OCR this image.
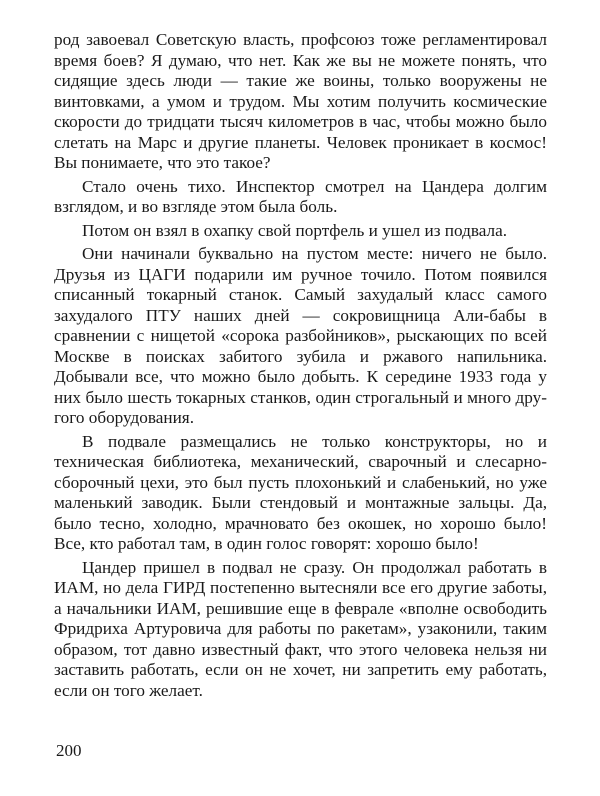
род завоевал Советскую власть, профсоюз тоже регламентировал время боев? Я думаю, что нет. Как же вы не можете понять, что сидящие здесь люди — такие же воины, только вооружены не винтовками, а умом и трудом. Мы хотим получить космические скорости до тридцати тысяч километров в час, чтобы можно было слетать на Марс и другие планеты. Человек проникает в космос! Вы понимаете, что это такое?

Стало очень тихо. Инспектор смотрел на Цандера долгим взглядом, и во взгляде этом была боль.

Потом он взял в охапку свой портфель и ушел из подвала.

Они начинали буквально на пустом месте: ничего не было. Друзья из ЦАГИ подарили им ручное точило. Потом появился списанный токарный станок. Самый захудалый класс самого захудалого ПТУ наших дней — сокровищница Али-бабы в сравнении с нищетой «сорока разбойников», рыскающих по всей Москве в поисках забитого зубила и ржавого напильника. Добывали все, что можно было добыть. К середине 1933 года у них было шесть токарных станков, один строгальный и много другого оборудования.

В подвале размещались не только конструкторы, но и техническая библиотека, механический, сварочный и слесарно-сборочный цехи, это был пусть плохонький и слабенький, но уже маленький заводик. Были стендовый и монтажные зальцы. Да, было тесно, холодно, мрачновато без окошек, но хорошо было! Все, кто работал там, в один голос говорят: хорошо было!

Цандер пришел в подвал не сразу. Он продолжал работать в ИАМ, но дела ГИРД постепенно вытесняли все его другие заботы, а начальники ИАМ, решившие еще в феврале «вполне освободить Фридриха Артуровича для работы по ракетам», узаконили, таким образом, тот давно известный факт, что этого человека нельзя ни заставить работать, если он не хочет, ни запретить ему работать, если он того желает.

200
